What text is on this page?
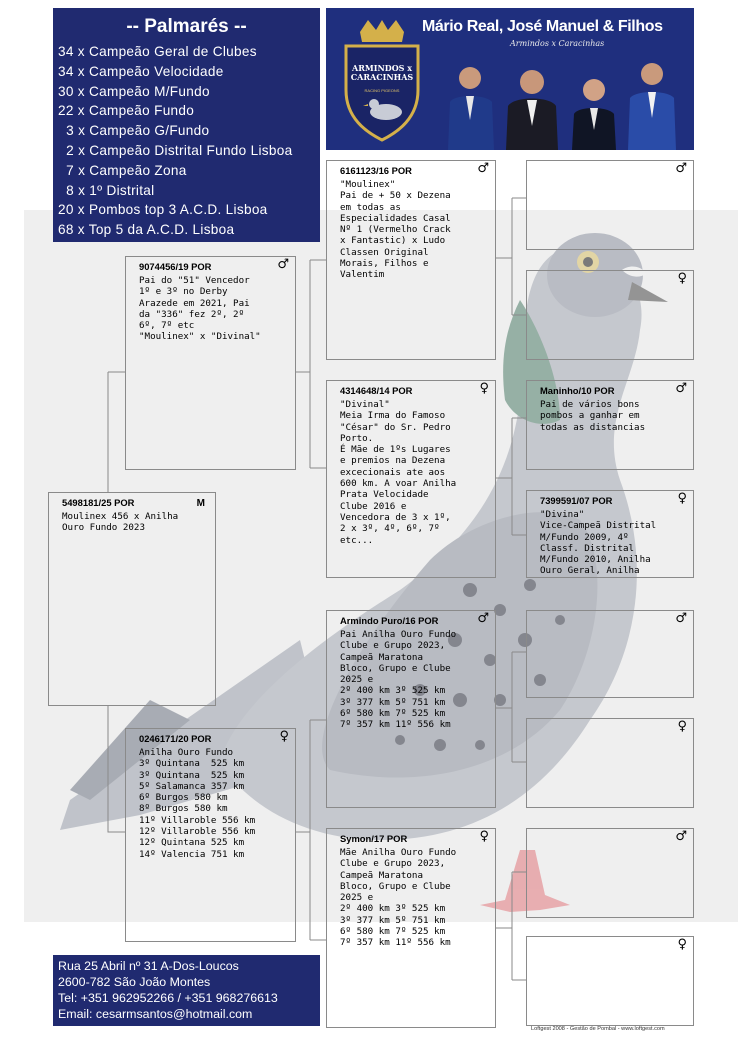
-- Palmarés --
34 x Campeão Geral de Clubes
34 x Campeão Velocidade
30 x Campeão M/Fundo
22 x Campeão Fundo
3 x Campeão G/Fundo
2 x Campeão Distrital Fundo Lisboa
7 x Campeão Zona
8 x 1º Distrital
20 x Pombos top 3 A.C.D. Lisboa
68 x Top 5 da A.C.D. Lisboa
Mário Real, José Manuel & Filhos
Armindos x Caracinhas
ARMINDOS x
CARACINHAS
RACING PIGEONS
5498181/25 POR	M
Moulinex 456 x Anilha
Ouro Fundo 2023
9074456/19 POR	♂
Pai do "51" Vencedor
1º e 3º no Derby
Arazede em 2021, Pai
da "336" fez 2º, 2º
6º, 7º etc
"Moulinex" x "Divinal"
0246171/20 POR	♀
Anilha Ouro Fundo
3º Quintana  525 km
3º Quintana  525 km
5º Salamanca 357 km
6º Burgos 580 km
8º Burgos 580 km
11º Villaroble 556 km
12º Villaroble 556 km
12º Quintana 525 km
14º Valencia 751 km
6161123/16 POR	♂
"Moulinex"
Pai de + 50 x Dezena
em todas as
Especialidades Casal
Nº 1 (Vermelho Crack
x Fantastic) x Ludo
Classen Original
Morais, Filhos e
Valentim
4314648/14 POR	♀
"Divinal"
Meia Irma do Famoso
"César" do Sr. Pedro
Porto.
É Mãe de 1ºs Lugares
e premios na Dezena
excecionais ate aos
600 km. A voar Anilha
Prata Velocidade
Clube 2016 e
Vencedora de 3 x 1º,
2 x 3º, 4º, 6º, 7º
etc...
Armindo Puro/16 POR	♂
Pai Anilha Ouro Fundo
Clube e Grupo 2023,
Campeã Maratona
Bloco, Grupo e Clube
2025 e
2º 400 km 3º 525 km
3º 377 km 5º 751 km
6º 580 km 7º 525 km
7º 357 km 11º 556 km
Symon/17 POR	♀
Mãe Anilha Ouro Fundo
Clube e Grupo 2023,
Campeã Maratona
Bloco, Grupo e Clube
2025 e
2º 400 km 3º 525 km
3º 377 km 5º 751 km
6º 580 km 7º 525 km
7º 357 km 11º 556 km
♂
♀
Maninho/10 POR	♂
Pai de vários bons
pombos a ganhar em
todas as distancias
7399591/07 POR	♀
"Divina"
Vice-Campeã Distrital
M/Fundo 2009, 4º
Classf. Distrital
M/Fundo 2010, Anilha
Ouro Geral, Anilha
♂
♀
♂
♀
Rua 25 Abril nº 31 A-Dos-Loucos
2600-782 São João Montes
Tel: +351 962952266 / +351 968276613
Email: cesarmsantos@hotmail.com
Loftgest 2008 - Gestão de Pombal - www.loftgest.com
